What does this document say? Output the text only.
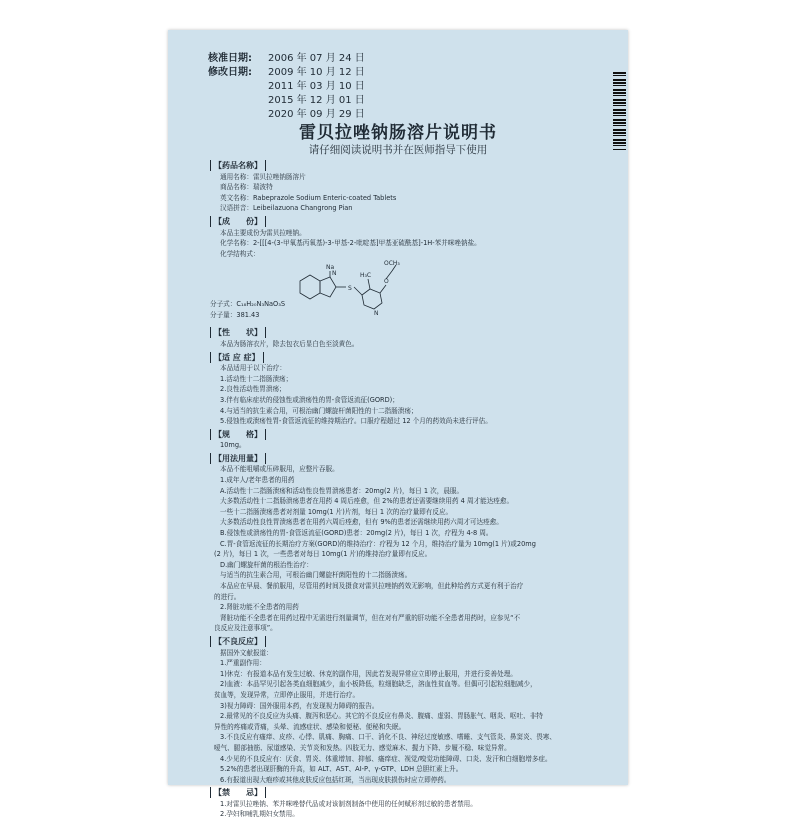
核准日期:	2006 年 07 月 24 日
修改日期:	2009 年 10 月 12 日
2011 年 03 月 10 日
2015 年 12 月 01 日
2020 年 09 月 29 日
雷贝拉唑钠肠溶片说明书
请仔细阅读说明书并在医师指导下使用
【药品名称】
通用名称：雷贝拉唑钠肠溶片
商品名称：瑞波特
英文名称：Rabeprazole Sodium Enteric-coated Tablets
汉语拼音：Leibeilazuona Changrong Pian
【成　　份】
本品主要成份为雷贝拉唑钠。
化学名称：2-[[[4-(3-甲氧基丙氧基)-3-甲基-2-吡啶基]甲基亚硫酰基]-1H-苯并咪唑钠盐。
化学结构式：
Na
H₃C
OCH₃
O
S
N
N
分子式：C₁₈H₂₀N₃NaO₃S
分子量：381.43
【性　　状】
本品为肠溶衣片，除去包衣后显白色至淡黄色。
【适 应 症】
本品适用于以下治疗：
1.活动性十二指肠溃疡；
2.良性活动性胃溃疡；
3.伴有临床症状的侵蚀性或溃疡性的胃-食管返流征(GORD)；
4.与适当的抗生素合用，可根治幽门螺旋杆菌阳性的十二指肠溃疡；
5.侵蚀性或溃疡性胃-食管返流征的维持期治疗。口服疗程超过 12 个月的药效尚未进行评估。
【规　　格】
10mg。
【用法用量】
本品不能咀嚼或压碎服用，应整片吞服。
1.成年人/老年患者的用药
A.活动性十二指肠溃疡和活动性良性胃溃疡患者：20mg(2 片)，每日 1 次，晨服。
大多数活动性十二指肠溃疡患者在用药 4 周后痊愈，但 2%的患者还需要继续用药 4 周才能达痊愈。
一些十二指肠溃疡患者对剂量 10mg(1 片)片剂，每日 1 次的治疗量即有反应。
大多数活动性良性胃溃疡患者在用药六周后痊愈，但有 9%的患者还需继续用药六周才可达痊愈。
B.侵蚀性或溃疡性的胃-食管返流征(GORD)患者：20mg(2 片)，每日 1 次，疗程为 4-8 周。
C.胃-食管返流征的长期治疗方案(GORD)的维持治疗：疗程为 12 个月，维持治疗量为 10mg(1 片)或20mg
(2 片)，每日 1 次，一些患者对每日 10mg(1 片)的维持治疗量即有反应。
D.幽门螺旋杆菌的根治性治疗：
与适当的抗生素合用，可根治幽门螺旋杆菌阳性的十二指肠溃疡。
本品应在早晨、餐前服用，尽管用药时间及摄食对雷贝拉唑钠药效无影响，但此种给药方式更有利于治疗
的进行。
2.肾脏功能不全患者的用药
肾脏功能不全患者在用药过程中无需进行剂量调节，但在对有严重的肝功能不全患者用药时，应参见“不
良反应及注意事项”。
【不良反应】
据国外文献报道：
1.严重副作用：
1)休克：有报道本品有发生过敏、休克的副作用，因此若发现异常应立即停止服用，并进行妥善处理。
2)血液：本品罕见引起各类血细胞减少，血小板降低，粒细胞缺乏，溶血性贫血等。但偶可引起粒细胞减少，
贫血等，发现异常，立即停止服用，并进行治疗。
3)视力障碍：国外服用本药，有发现视力障碍的报告。
2.最常见的不良反应为头痛、腹泻和恶心。其它的不良反应有鼻炎、腹痛、虚弱、胃肠胀气、咽炎、呕吐、非特
异性的疼痛或背痛，头晕、流感症状、感染和便秘、便秘和失眠。
3.不良反应有瘙痒、皮疹、心悸、肌痛、胸痛、口干、消化不良、神经过度敏感、嗜睡、支气管炎、鼻窦炎、畏寒、
嗳气、腿部抽筋、尿道感染、关节炎和发热。四肢无力、感觉麻木、握力下降、步履不稳、味觉异常。
4.少见的不良反应有：厌食、胃炎、体重增加、抑郁、瘙痒症、视觉/嗅觉功能障碍、口炎、发汗和白细胞增多症。
5.2%的患者出现肝酶的升高，如 ALT、AST、AI-P、γ-GTP、LDH 总胆红素上升。
6.有报道出现大疱疹或其他皮肤反应包括红斑，当出现皮肤损伤时应立即停药。
【禁　　忌】
1.对雷贝拉唑钠、苯并咪唑替代品或对该制剂制备中使用的任何赋形剂过敏的患者禁用。
2.孕妇和哺乳期妇女禁用。
